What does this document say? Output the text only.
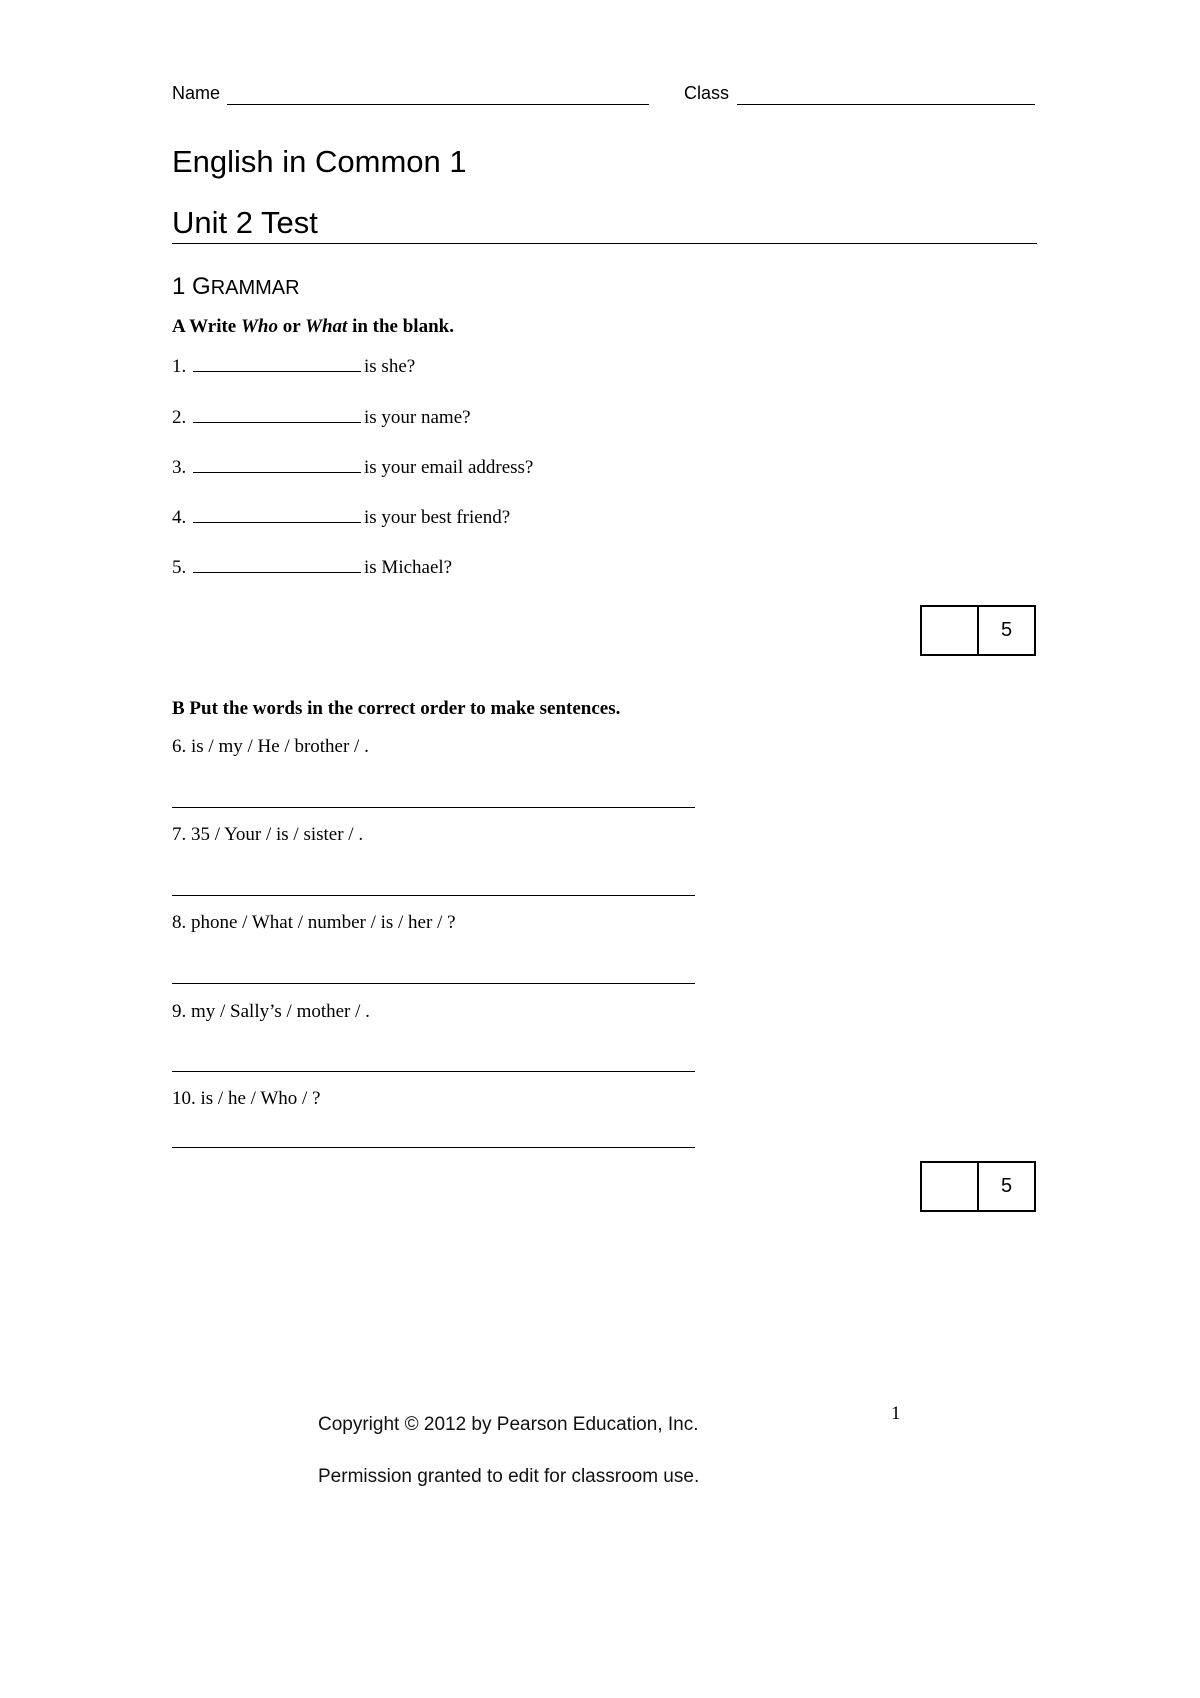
Name	Class
English in Common 1
Unit 2 Test
1 GRAMMAR
A Write Who or What in the blank.
1.	is she?
2.	is your name?
3.	is your email address?
4.	is your best friend?
5.	is Michael?
5
B Put the words in the correct order to make sentences.
6. is / my / He / brother / .
7. 35 / Your / is / sister / .
8. phone / What / number / is / her / ?
9. my / Sally’s / mother / .
10. is / he / Who / ?
5
1
Copyright © 2012 by Pearson Education, Inc.
Permission granted to edit for classroom use.
